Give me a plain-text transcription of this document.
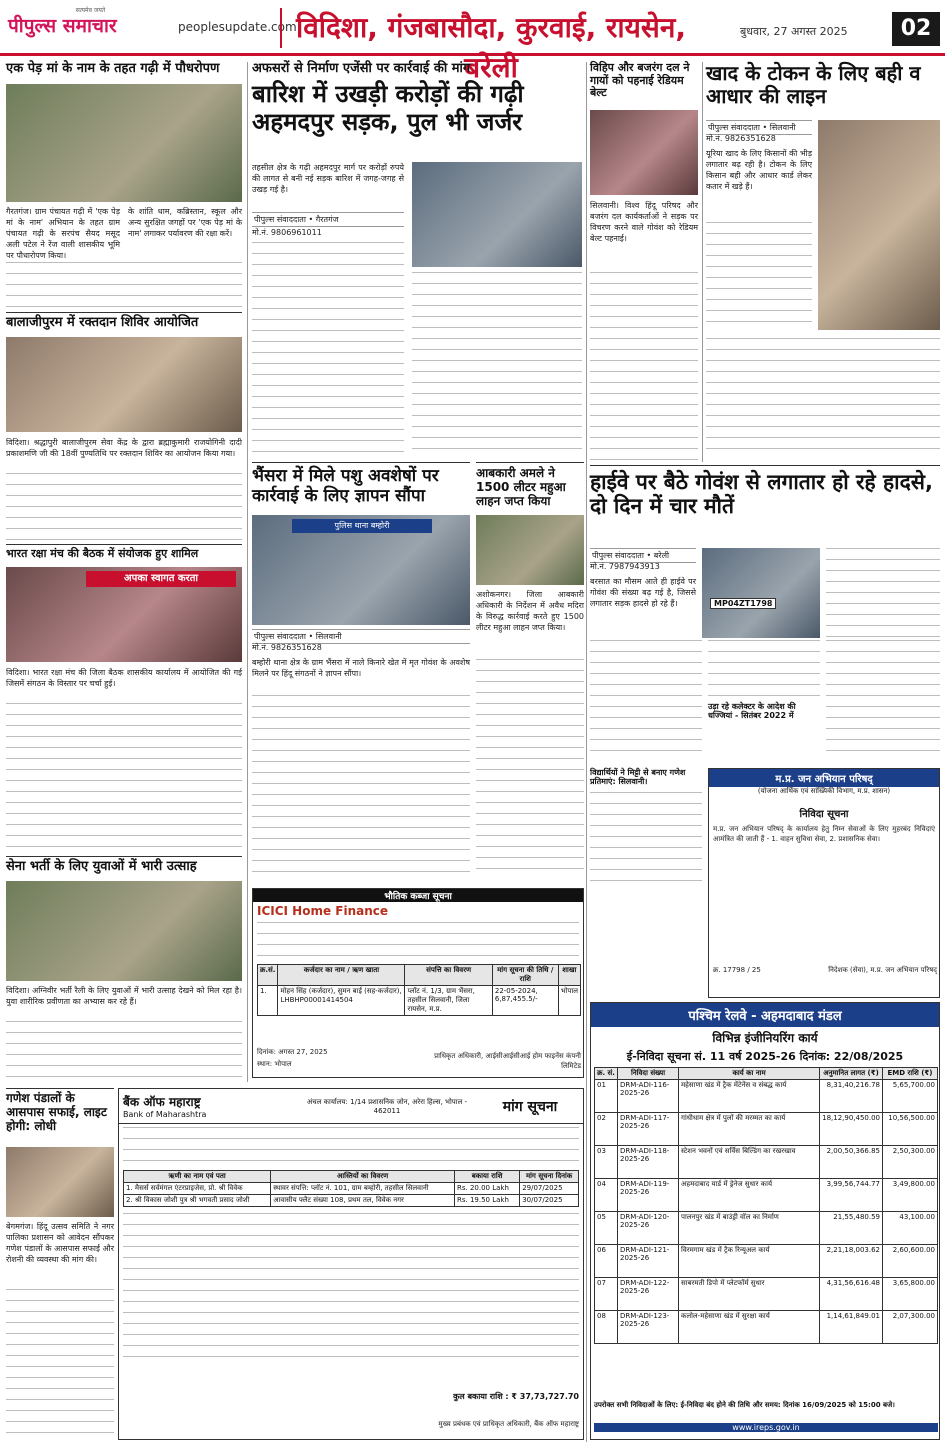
सत्यमेव जयते
पीपुल्स समाचार	peoplesupdate.com विदिशा, गंजबासौदा, कुरवाई, रायसेन, बरेली
बुधवार, 27 अगस्त 2025	02
एक पेड़ मां के नाम के तहत गढ़ी में पौधरोपण
गैरतगंज। ग्राम पंचायत गढ़ी में 'एक पेड़ मां के नाम' अभियान के तहत ग्राम पंचायत गढ़ी के सरपंच सैयद मसूद अली पटेल ने रेंज वाली शासकीय भूमि पर पौधारोपण किया।
के शांति धाम, कब्रिस्तान, स्कूल और अन्य सुरक्षित जगहों पर 'एक पेड़ मां के नाम' लगाकर पर्यावरण की रक्षा करें।
बालाजीपुरम में रक्तदान शिविर आयोजित
विदिशा। श्रद्धापुरी बालाजीपुरम सेवा केंद्र के द्वारा ब्रह्माकुमारी राजयोगिनी दादी प्रकाशमणि जी की 18वीं पुण्यतिथि पर रक्तदान शिविर का आयोजन किया गया।
भारत रक्षा मंच की बैठक में संयोजक हुए शामिल
अपका स्वागत करता
विदिशा। भारत रक्षा मंच की जिला बैठक शासकीय कार्यालय में आयोजित की गई जिसमें संगठन के विस्तार पर चर्चा हुई।
सेना भर्ती के लिए युवाओं में भारी उत्साह
विदिशा। अग्निवीर भर्ती रैली के लिए युवाओं में भारी उत्साह देखने को मिल रहा है। युवा शारीरिक प्रवीणता का अभ्यास कर रहे हैं।
गणेश पंडालों के आसपास सफाई, लाइट होगी: लोधी
बेगमगंज। हिंदू उत्सव समिति ने नगर पालिका प्रशासन को आवेदन सौंपकर गणेश पंडालों के आसपास सफाई और रोशनी की व्यवस्था की मांग की।
अफसरों से निर्माण एजेंसी पर कार्रवाई की मांग
बारिश में उखड़ी करोड़ों की गढ़ी अहमदपुर सड़क, पुल भी जर्जर
तहसील क्षेत्र के गढ़ी अहमदपुर मार्ग पर करोड़ों रुपये की लागत से बनी नई सड़क बारिश में जगह-जगह से उखड़ गई है।
पीपुल्स संवाददाता • गैरतगंज
मो.नं. 9806961011
भैंसरा में मिले पशु अवशेषों पर कार्रवाई के लिए ज्ञापन सौंपा
पुलिस थाना बम्होरी
पीपुल्स संवाददाता • सिलवानी
मो.नं. 9826351628
बम्होरी थाना क्षेत्र के ग्राम भैंसरा में नाले किनारे खेत में मृत गोवंश के अवशेष मिलने पर हिंदू संगठनों ने ज्ञापन सौंपा।
आबकारी अमले ने 1500 लीटर महुआ लाहन जप्त किया
अशोकनगर। जिला आबकारी अधिकारी के निर्देशन में अवैध मदिरा के विरुद्ध कार्रवाई करते हुए 1500 लीटर महुआ लाहन जप्त किया।
विहिप और बजरंग दल ने गायों को पहनाई रेडियम बेल्ट
सिलवानी। विश्व हिंदू परिषद और बजरंग दल कार्यकर्ताओं ने सड़क पर विचरण करने वाले गोवंश को रेडियम बेल्ट पहनाई।
खाद के टोकन के लिए बही व आधार की लाइन
पीपुल्स संवाददाता • सिलवानी
मो.नं. 9826351628
यूरिया खाद के लिए किसानों की भीड़ लगातार बढ़ रही है। टोकन के लिए किसान बही और आधार कार्ड लेकर कतार में खड़े हैं।
हाईवे पर बैठे गोवंश से लगातार हो रहे हादसे, दो दिन में चार मौतें
पीपुल्स संवाददाता • बरेली
मो.नं. 7987943913
बरसात का मौसम आते ही हाईवे पर गोवंश की संख्या बढ़ गई है, जिससे लगातार सड़क हादसे हो रहे हैं।	MP04ZT1798
उड़ा रहे कलेक्टर के आदेश की धज्जियां - सितंबर 2022 में
विद्यार्थियों ने मिट्टी से बनाए गणेश प्रतिमाएं: सिलवानी।	म.प्र. जन अभियान परिषद्
(योजना आर्थिक एवं सांख्यिकी विभाग, म.प्र. शासन)
निविदा सूचना
म.प्र. जन अभियान परिषद् के कार्यालय हेतु निम्न सेवाओं के लिए मुहरबंद निविदाएं आमंत्रित की जाती हैं - 1. वाहन सुविधा सेवा, 2. प्रशासनिक सेवा।
क्र. 17798 / 25	निदेशक (सेवा), म.प्र. जन अभियान परिषद्
भौतिक कब्जा सूचना
ICICI Home Finance
क्र.सं.	कर्जदार का नाम / ऋण खाता	संपत्ति का विवरण	मांग सूचना की तिथि / राशि	शाखा
1.	मोहन सिंह (कर्जदार), सुमन बाई (सह-कर्जदार), LHBHP00001414504	प्लॉट नं. 1/3, ग्राम भैंसरा, तहसील सिलवानी, जिला रायसेन, म.प्र.	22-05-2024, 6,87,455.5/-	भोपाल
दिनांक: अगस्त 27, 2025
स्थान: भोपाल
प्राधिकृत अधिकारी, आईसीआईसीआई होम फाइनेंस कंपनी लिमिटेड
बैंक ऑफ महाराष्ट्र
Bank of Maharashtra
अंचल कार्यालय: 1/14 प्रशासनिक जोन, अरेरा हिल्स, भोपाल - 462011	मांग सूचना
ऋणी का नाम एवं पता	आस्तियों का विवरण	बकाया राशि	मांग सूचना दिनांक
1. मैसर्स सर्वमंगल एंटरप्राइजेस, प्रो. श्री विवेक	स्थावर संपत्ति: प्लॉट नं. 101, ग्राम बम्होरी, तहसील सिलवानी	Rs. 20.00 Lakh	29/07/2025
2. श्री विकास जोशी पुत्र श्री भगवती प्रसाद जोशी	आवासीय फ्लैट संख्या 108, प्रथम तल, विवेक नगर	Rs. 19.50 Lakh	30/07/2025
कुल बकाया राशि : ₹ 37,73,727.70
मुख्य प्रबंधक एवं प्राधिकृत अधिकारी, बैंक ऑफ महाराष्ट्र
पश्चिम रेलवे - अहमदाबाद मंडल
विभिन्न इंजीनियरिंग कार्य
ई-निविदा सूचना सं. 11 वर्ष 2025-26 दिनांक: 22/08/2025
क्र. सं.	निविदा संख्या	कार्य का नाम	अनुमानित लागत (₹)	EMD राशि (₹)
01	DRM-ADI-116-2025-26	महेसाणा खंड में ट्रैक मेंटेनेंस व संबद्ध कार्य	8,31,40,216.78	5,65,700.00
02	DRM-ADI-117-2025-26	गांधीधाम क्षेत्र में पुलों की मरम्मत का कार्य	18,12,90,450.00	10,56,500.00
03	DRM-ADI-118-2025-26	स्टेशन भवनों एवं सर्विस बिल्डिंग का रखरखाव	2,00,50,366.85	2,50,300.00
04	DRM-ADI-119-2025-26	अहमदाबाद यार्ड में ड्रेनेज सुधार कार्य	3,99,56,744.77	3,49,800.00
05	DRM-ADI-120-2025-26	पालनपुर खंड में बाउंड्री वॉल का निर्माण	21,55,480.59	43,100.00
06	DRM-ADI-121-2025-26	विरमगाम खंड में ट्रैक रिन्यूअल कार्य	2,21,18,003.62	2,60,600.00
07	DRM-ADI-122-2025-26	साबरमती डिपो में प्लेटफॉर्म सुधार	4,31,56,616.48	3,65,800.00
08	DRM-ADI-123-2025-26	कलोल-महेसाणा खंड में सुरक्षा कार्य	1,14,61,849.01	2,07,300.00
उपरोक्त सभी निविदाओं के लिए: ई-निविदा बंद होने की तिथि और समय: दिनांक 16/09/2025 को 15:00 बजे।
www.ireps.gov.in
